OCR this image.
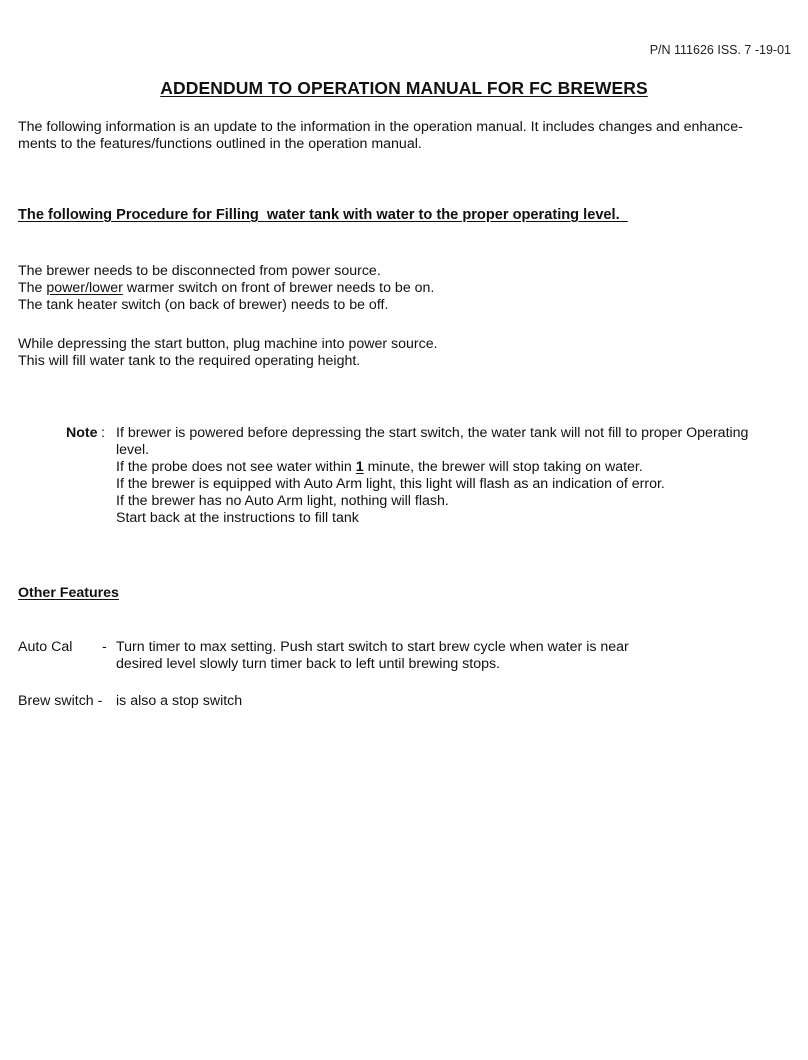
P/N 111626 ISS. 7 -19-01
ADDENDUM TO OPERATION MANUAL FOR FC BREWERS

The following information is an update to the information in the operation manual. It includes changes and enhance-

ments to the features/functions outlined in the operation manual.

The following Procedure for Filling  water tank with water to the proper operating level.

The brewer needs to be disconnected from power source.

The power/lower warmer switch on front of brewer needs to be on.

The tank heater switch (on back of brewer) needs to be off.

While depressing the start button, plug machine into power source.

This will fill water tank to the required operating height.

Note : If brewer is powered before depressing the start switch, the water tank will not fill to proper Operating

level.

If the probe does not see water within 1 minute, the brewer will stop taking on water.

If the brewer is equipped with Auto Arm light, this light will flash as an indication of error.

If the brewer has no Auto Arm light, nothing will flash.

Start back at the instructions to fill tank

Other Features
Auto Cal - Turn timer to max setting. Push start switch to start brew cycle when water is near

desired level slowly turn timer back to left until brewing stops.

Brew switch - is also a stop switch
